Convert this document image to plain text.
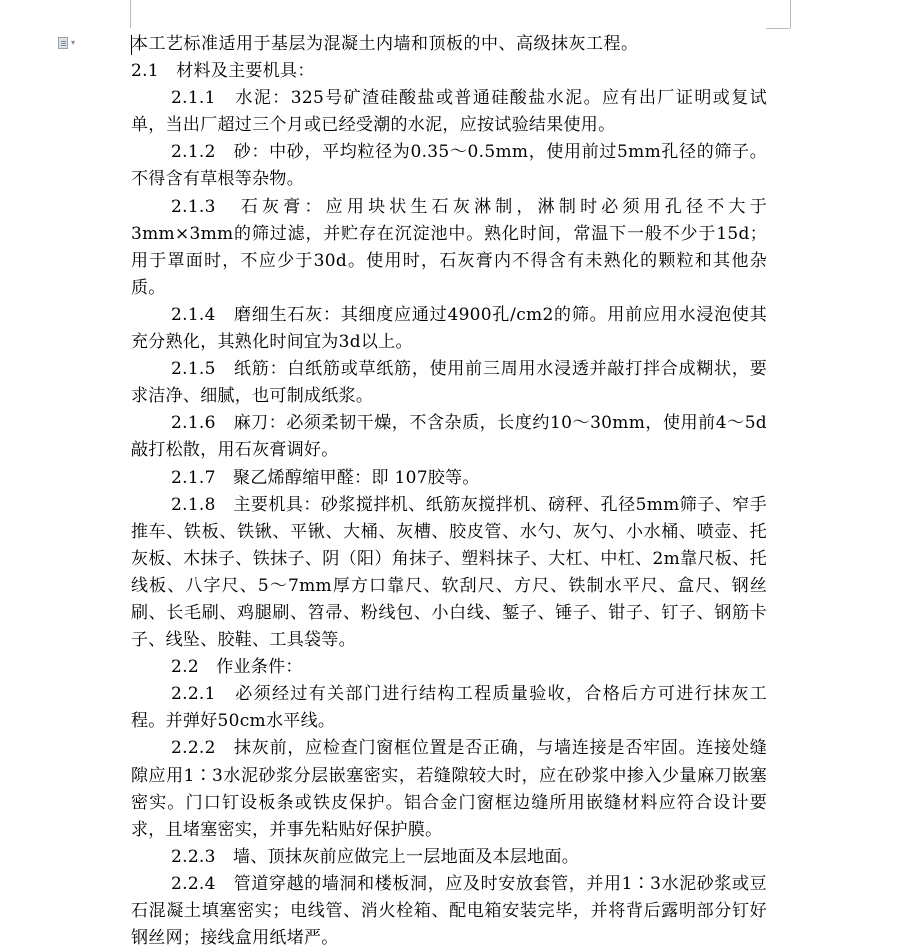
▾	本工艺标准适用于基层为混凝土内墙和顶板的中、高级抹灰工程。

2.1　材料及主要机具：

2.1.1　水泥：325号矿渣硅酸盐或普通硅酸盐水泥。应有出厂证明或复试单，当出厂超过三个月或已经受潮的水泥，应按试验结果使用。

2.1.2　砂：中砂，平均粒径为0.35～0.5mm，使用前过5mm孔径的筛子。不得含有草根等杂物。

2.1.3　石灰膏：应用块状生石灰淋制，淋制时必须用孔径不大于3mm×3mm的筛过滤，并贮存在沉淀池中。熟化时间，常温下一般不少于15d；用于罩面时，不应少于30d。使用时，石灰膏内不得含有未熟化的颗粒和其他杂质。

2.1.4　磨细生石灰：其细度应通过4900孔/cm2的筛。用前应用水浸泡使其充分熟化，其熟化时间宜为3d以上。

2.1.5　纸筋：白纸筋或草纸筋，使用前三周用水浸透并敲打拌合成糊状，要求洁净、细腻，也可制成纸浆。

2.1.6　麻刀：必须柔韧干燥，不含杂质，长度约10～30mm，使用前4～5d敲打松散，用石灰膏调好。

2.1.7　聚乙烯醇缩甲醛：即 107胶等。

2.1.8　主要机具：砂浆搅拌机、纸筋灰搅拌机、磅秤、孔径5mm筛子、窄手推车、铁板、铁锹、平锹、大桶、灰槽、胶皮管、水勺、灰勺、小水桶、喷壶、托灰板、木抹子、铁抹子、阴（阳）角抹子、塑料抹子、大杠、中杠、2m靠尺板、托线板、八字尺、5～7mm厚方口靠尺、软刮尺、方尺、铁制水平尺、盒尺、钢丝刷、长毛刷、鸡腿刷、笤帚、粉线包、小白线、錾子、锤子、钳子、钉子、钢筋卡子、线坠、胶鞋、工具袋等。

2.2　作业条件：

2.2.1　必须经过有关部门进行结构工程质量验收，合格后方可进行抹灰工程。并弹好50cm水平线。

2.2.2　抹灰前，应检查门窗框位置是否正确，与墙连接是否牢固。连接处缝隙应用1∶3水泥砂浆分层嵌塞密实，若缝隙较大时，应在砂浆中掺入少量麻刀嵌塞密实。门口钉设板条或铁皮保护。铝合金门窗框边缝所用嵌缝材料应符合设计要求，且堵塞密实，并事先粘贴好保护膜。

2.2.3　墙、顶抹灰前应做完上一层地面及本层地面。

2.2.4　管道穿越的墙洞和楼板洞，应及时安放套管，并用1∶3水泥砂浆或豆石混凝土填塞密实；电线管、消火栓箱、配电箱安装完毕，并将背后露明部分钉好钢丝网；接线盒用纸堵严。
